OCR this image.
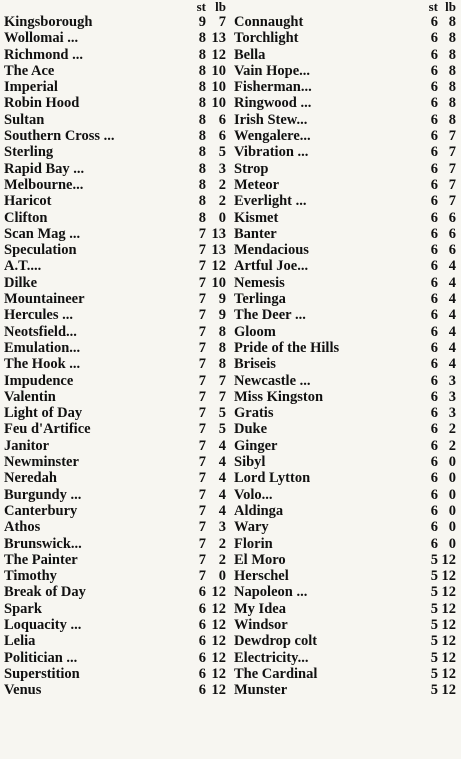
st lb
Kingsborough	9 7
Wollomai ...	8 13
Richmond ...	8 12
The Ace	8 10
Imperial	8 10
Robin Hood	8 10
Sultan	8 6
Southern Cross ...	8 6
Sterling	8 5
Rapid Bay ...	8 3
Melbourne...	8 2
Haricot	8 2
Clifton	8 0
Scan Mag ...	7 13
Speculation	7 13
A.T....	7 12
Dilke	7 10
Mountaineer	7 9
Hercules ...	7 9
Neotsfield...	7 8
Emulation...	7 8
The Hook ...	7 8
Impudence	7 7
Valentin	7 7
Light of Day	7 5
Feu d'Artifice	7 5
Janitor	7 4
Newminster	7 4
Neredah	7 4
Burgundy ...	7 4
Canterbury	7 4
Athos	7 3
Brunswick...	7 2
The Painter	7 2
Timothy	7 0
Break of Day	6 12
Spark	6 12
Loquacity ...	6 12
Lelia	6 12
Politician ...	6 12
Superstition	6 12
Venus	6 12
st lb
Connaught	6 8
Torchlight	6 8
Bella	6 8
Vain Hope...	6 8
Fisherman...	6 8
Ringwood ...	6 8
Irish Stew...	6 8
Wengalere...	6 7
Vibration ...	6 7
Strop	6 7
Meteor	6 7
Everlight ...	6 7
Kismet	6 6
Banter	6 6
Mendacious	6 6
Artful Joe...	6 4
Nemesis	6 4
Terlinga	6 4
The Deer ...	6 4
Gloom	6 4
Pride of the Hills	6 4
Briseis	6 4
Newcastle ...	6 3
Miss Kingston	6 3
Gratis	6 3
Duke	6 2
Ginger	6 2
Sibyl	6 0
Lord Lytton	6 0
Volo...	6 0
Aldinga	6 0
Wary	6 0
Florin	6 0
El Moro	5 12
Herschel	5 12
Napoleon ...	5 12
My Idea	5 12
Windsor	5 12
Dewdrop colt	5 12
Electricity...	5 12
The Cardinal	5 12
Munster	5 12
